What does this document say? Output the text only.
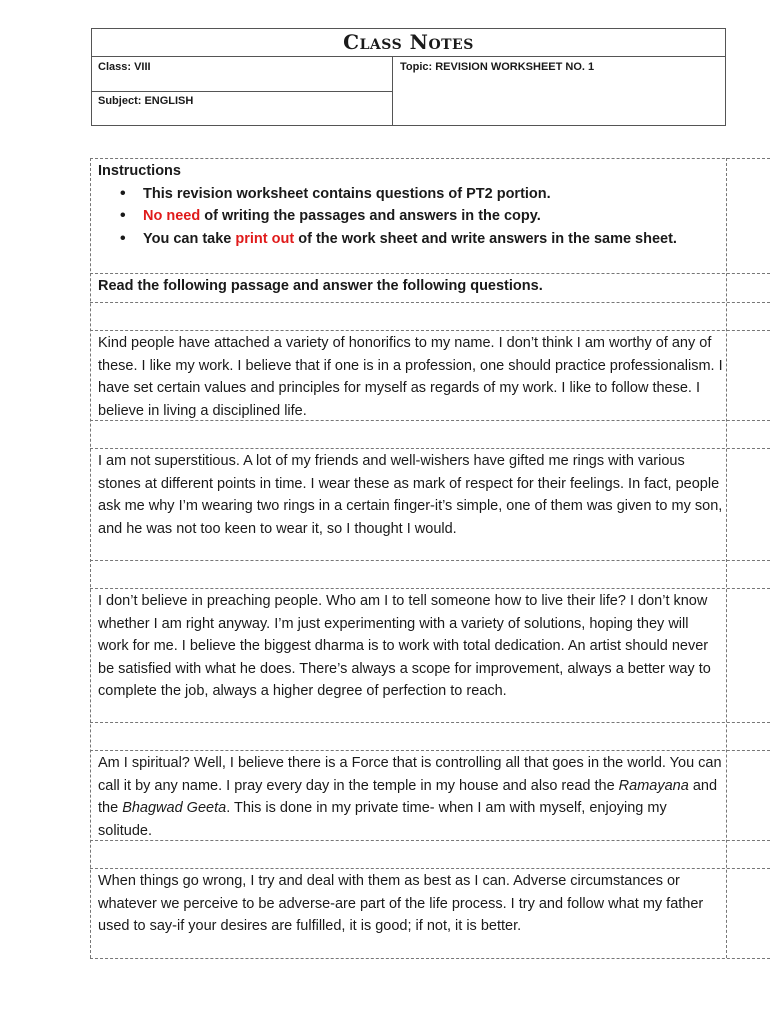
Class Notes
Class: VIII	Topic: REVISION WORKSHEET NO. 1
Subject: ENGLISH
Instructions
• This revision worksheet contains questions of PT2 portion.
• No need of writing the passages and answers in the copy.
• You can take print out of the work sheet and write answers in the same sheet.
Read the following passage and answer the following questions.
Kind people have attached a variety of honorifics to my name. I don’t think I am worthy of any of these. I like my work. I believe that if one is in a profession, one should practice professionalism. I have set certain values and principles for myself as regards of my work. I like to follow these. I believe in living a disciplined life.
I am not superstitious. A lot of my friends and well-wishers have gifted me rings with various stones at different points in time. I wear these as mark of respect for their feelings. In fact, people ask me why I’m wearing two rings in a certain finger-it’s simple, one of them was given to my son, and he was not too keen to wear it, so I thought I would.
I don’t believe in preaching people. Who am I to tell someone how to live their life? I don’t know whether I am right anyway. I’m just experimenting with a variety of solutions, hoping they will work for me. I believe the biggest dharma is to work with total dedication. An artist should never be satisfied with what he does. There’s always a scope for improvement, always a better way to complete the job, always a higher degree of perfection to reach.
Am I spiritual? Well, I believe there is a Force that is controlling all that goes in the world. You can call it by any name. I pray every day in the temple in my house and also read the Ramayana and the Bhagwad Geeta. This is done in my private time- when I am with myself, enjoying my solitude.
When things go wrong, I try and deal with them as best as I can. Adverse circumstances or whatever we perceive to be adverse-are part of the life process. I try and follow what my father used to say-if your desires are fulfilled, it is good; if not, it is better.
